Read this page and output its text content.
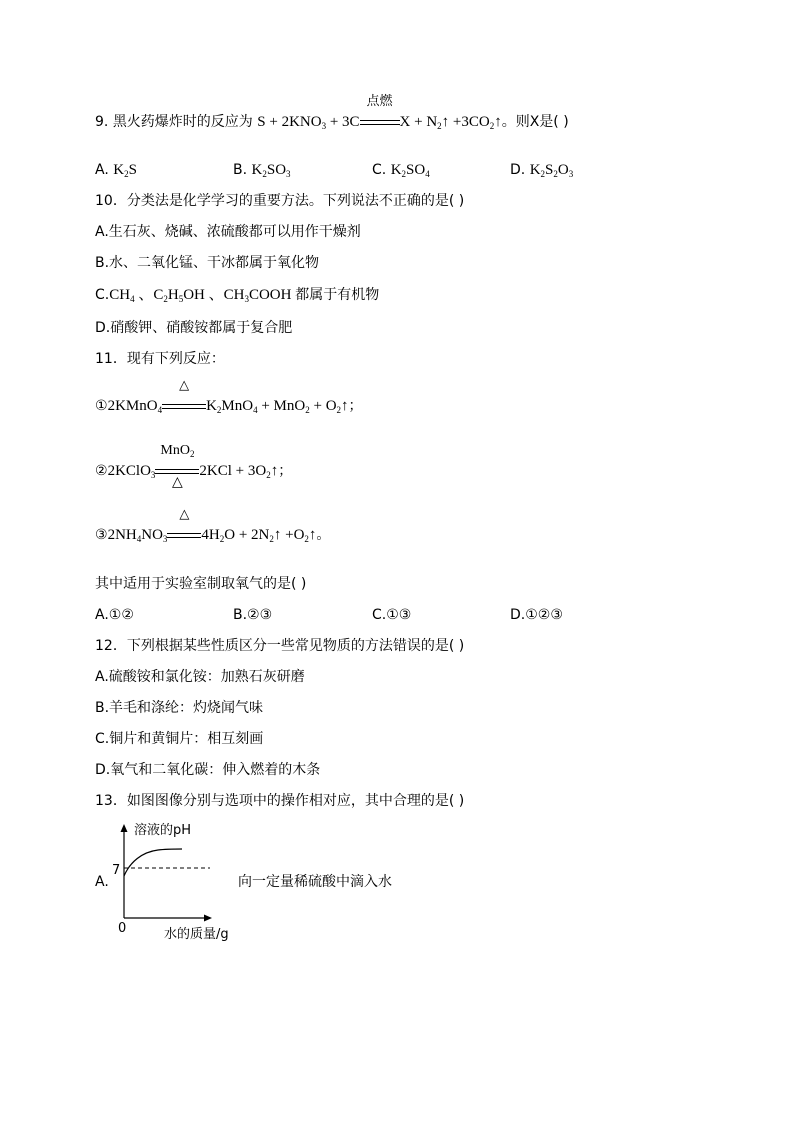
9. 黑火药爆炸时的反应为 $S + 2KNO_3 + 3C$
点燃
$X + N_2↑$ $+3CO_2↑$。则X是( )
A. $K_2S$	B. $K_2SO_3$	C. $K_2SO_4$	D. $K_2S_2O_3$
10．分类法是化学学习的重要方法。下列说法不正确的是( )
A.生石灰、烧碱、浓硫酸都可以用作干燥剂
B.水、二氧化锰、干冰都属于氧化物
$C.CH_4$ 、$C_2H_5OH$ 、$CH_3COOH$ 都属于有机物
D.硝酸钾、硝酸铵都属于复合肥
11．现有下列反应：
①2KMnO$_4$
△
$K_2MnO_4 + MnO_2$ + $O_2↑$；
②2KClO$_3$
MnO$_2$
△
$2KCl + 3O_2↑$；
$③2NH_4NO_3$
△
$4H_2O$ + $2N_2↑$ $+O_2↑$。
其中适用于实验室制取氧气的是( )
A.①②	B.②③	C.①③	D.①②③
12．下列根据某些性质区分一些常见物质的方法错误的是( )
A.硫酸铵和氯化铵：加熟石灰研磨
B.羊毛和涤纶：灼烧闻气味
C.铜片和黄铜片：相互刻画
D.氧气和二氧化碳：伸入燃着的木条
13．如图图像分别与选项中的操作相对应，其中合理的是( )
A.
溶液的pH
7
0	水的质量/g
向一定量稀硫酸中滴入水
